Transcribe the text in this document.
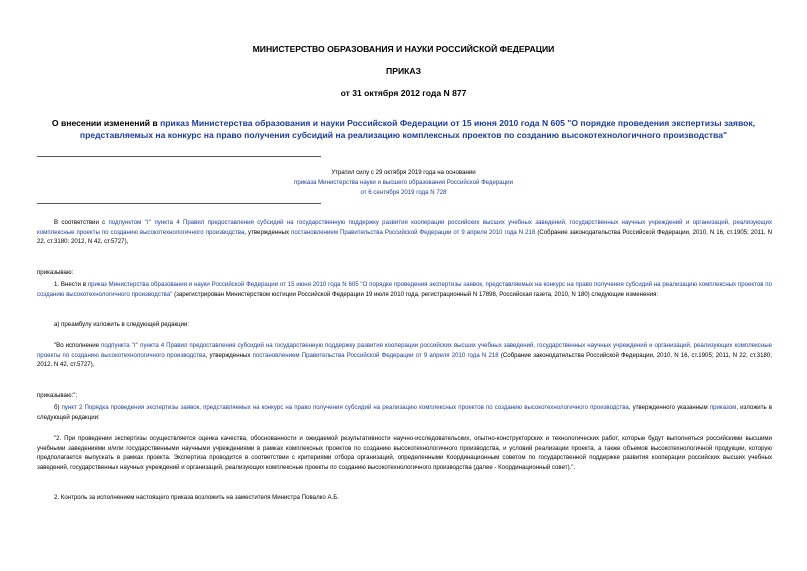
МИНИСТЕРСТВО ОБРАЗОВАНИЯ И НАУКИ РОССИЙСКОЙ ФЕДЕРАЦИИ
ПРИКАЗ
от 31 октября 2012 года N 877
О внесении изменений в приказ Министерства образования и науки Российской Федерации от 15 июня 2010 года N 605 "О порядке проведения экспертизы заявок, представляемых на конкурс на право получения субсидий на реализацию комплексных проектов по созданию высокотехнологичного производства"
Утратил силу с 29 октября 2019 года на основании
приказа Министерства науки и высшего образования Российской Федерации
от 6 сентября 2019 года N 728
В соответствии с подпунктом "г" пункта 4 Правил предоставления субсидий на государственную поддержку развития кооперации российских высших учебных заведений, государственных научных учреждений и организаций, реализующих комплексные проекты по созданию высокотехнологичного производства, утвержденных постановлением Правительства Российской Федерации от 9 апреля 2010 года N 218 (Собрание законодательства Российской Федерации, 2010, N 16, ст.1905; 2011, N 22, ст.3180; 2012, N 42, ст.5727),
приказываю:
1. Внести в приказ Министерства образования и науки Российской Федерации от 15 июня 2010 года N 605 "О порядке проведения экспертизы заявок, представляемых на конкурс на право получения субсидий на реализацию комплексных проектов по созданию высокотехнологичного производства" (зарегистрирован Министерством юстиции Российской Федерации 19 июля 2010 года, регистрационный N 17898, Российская газета, 2010, N 180) следующие изменения:
а) преамбулу изложить в следующей редакции:
"Во исполнение подпункта "г" пункта 4 Правил предоставления субсидий на государственную поддержку развития кооперации российских высших учебных заведений, государственных научных учреждений и организаций, реализующих комплексные проекты по созданию высокотехнологичного производства, утвержденных постановлением Правительства Российской Федерации от 9 апреля 2010 года N 218 (Собрание законодательства Российской Федерации, 2010, N 16, ст.1905; 2011, N 22, ст.3180; 2012, N 42, ст.5727),
приказываю:";
б) пункт 2 Порядка проведения экспертизы заявок, представляемых на конкурс на право получения субсидий на реализацию комплексных проектов по созданию высокотехнологичного производства, утвержденного указанным приказом, изложить в следующей редакции:
"2. При проведении экспертизы осуществляется оценка качества, обоснованности и ожидаемой результативности научно-исследовательских, опытно-конструкторских и технологических работ, которые будут выполняться российскими высшими учебными заведениями и/или государственными научными учреждениями в рамках комплексных проектов по созданию высокотехнологичного производства, и условий реализации проекта, а также объемов высокотехнологичной продукции, которую предполагается выпускать в рамках проекта. Экспертиза проводится в соответствии с критериями отбора организаций, определенными Координационным советом по государственной поддержке развития кооперации российских высших учебных заведений, государственных научных учреждений и организаций, реализующих комплексные проекты по созданию высокотехнологичного производства (далее - Координационный совет).".
2. Контроль за исполнением настоящего приказа возложить на заместителя Министра Повалко А.Б.
